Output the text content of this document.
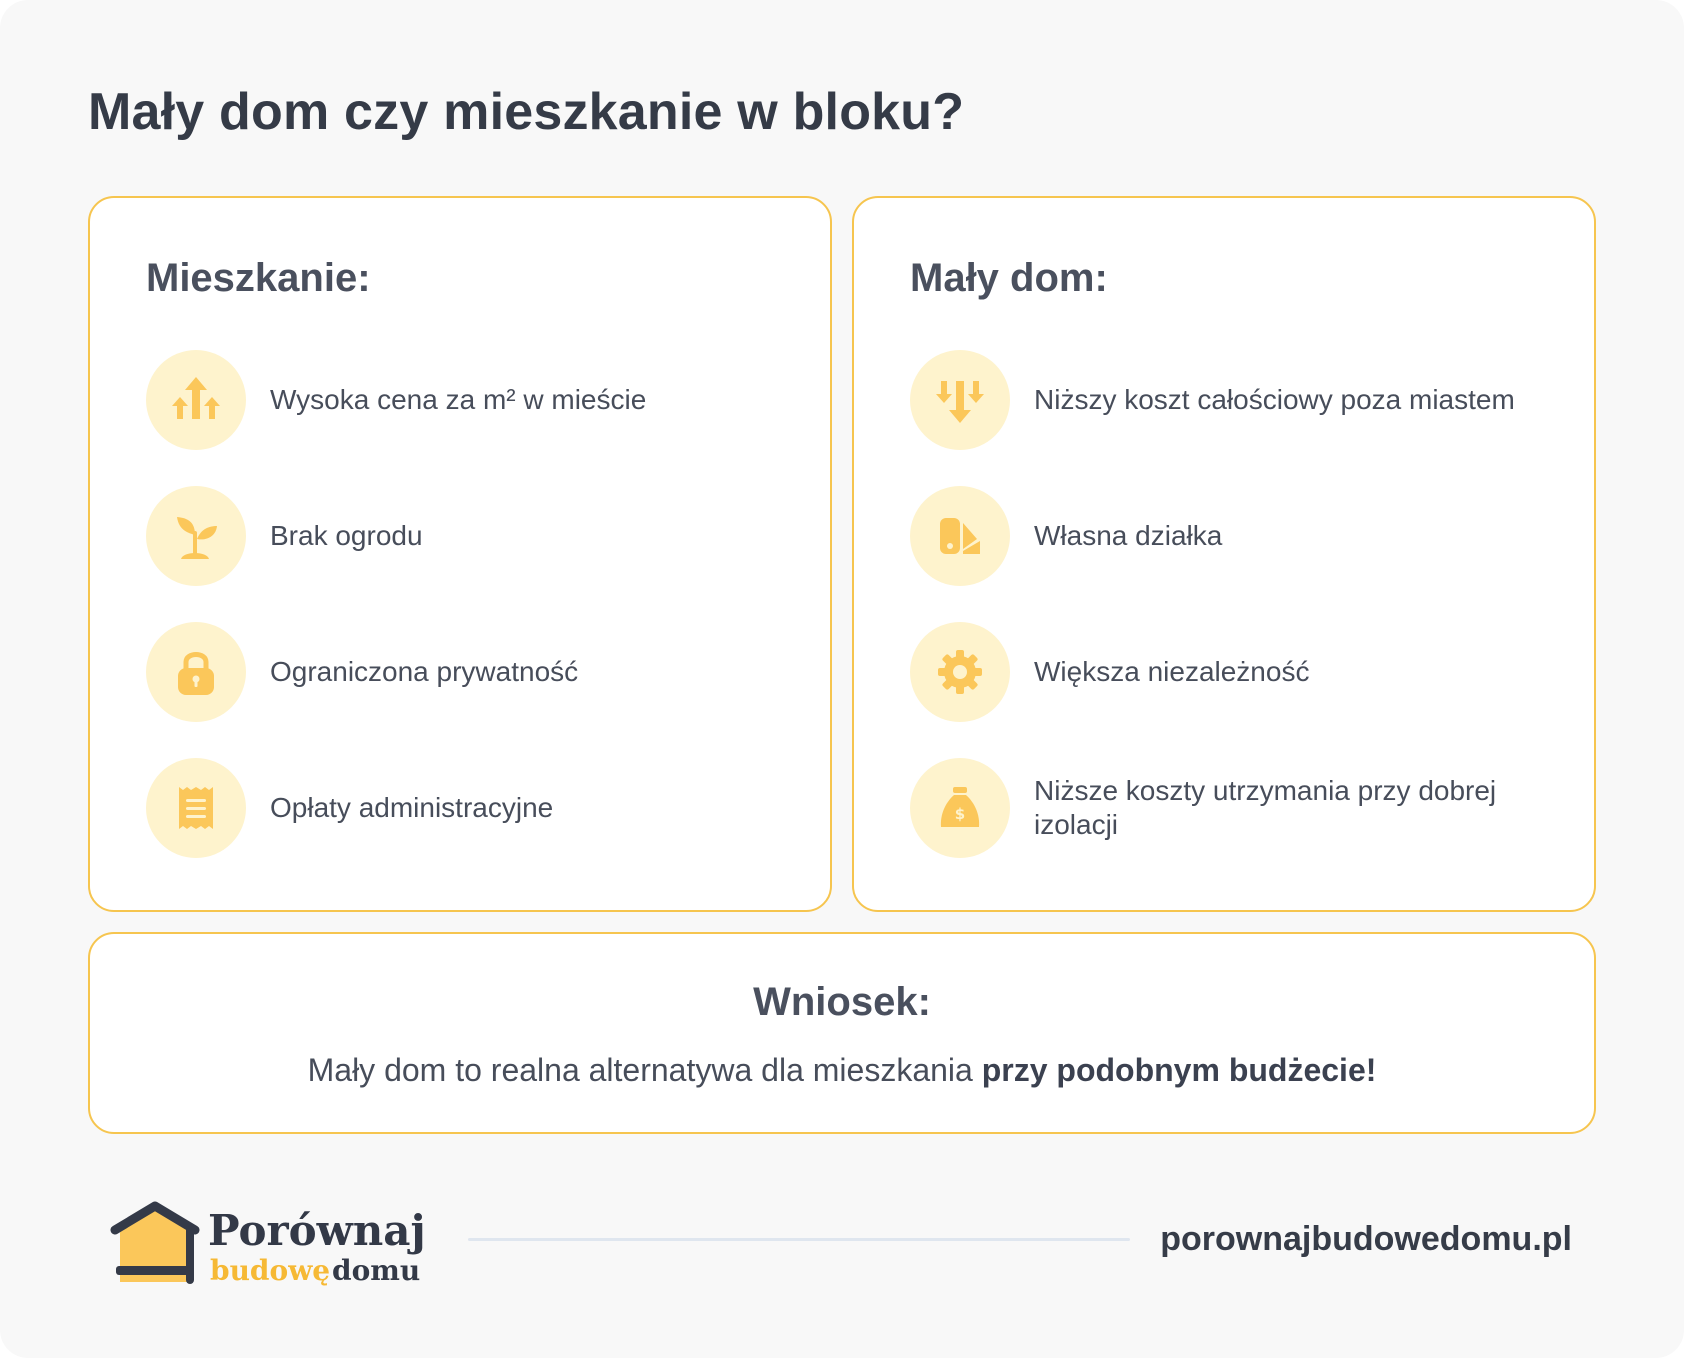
Mały dom czy mieszkanie w bloku?
Mieszkanie:
Wysoka cena za m² w mieście
Brak ogrodu
Ograniczona prywatność
Opłaty administracyjne
Mały dom:
Niższy koszt całościowy poza miastem
Własna działka
Większa niezależność
$
Niższe koszty utrzymania przy dobrej izolacji
Wniosek:
Mały dom to realna alternatywa dla mieszkania przy podobnym budżecie!
Porównaj
budowę domu
porownajbudowedomu.pl
